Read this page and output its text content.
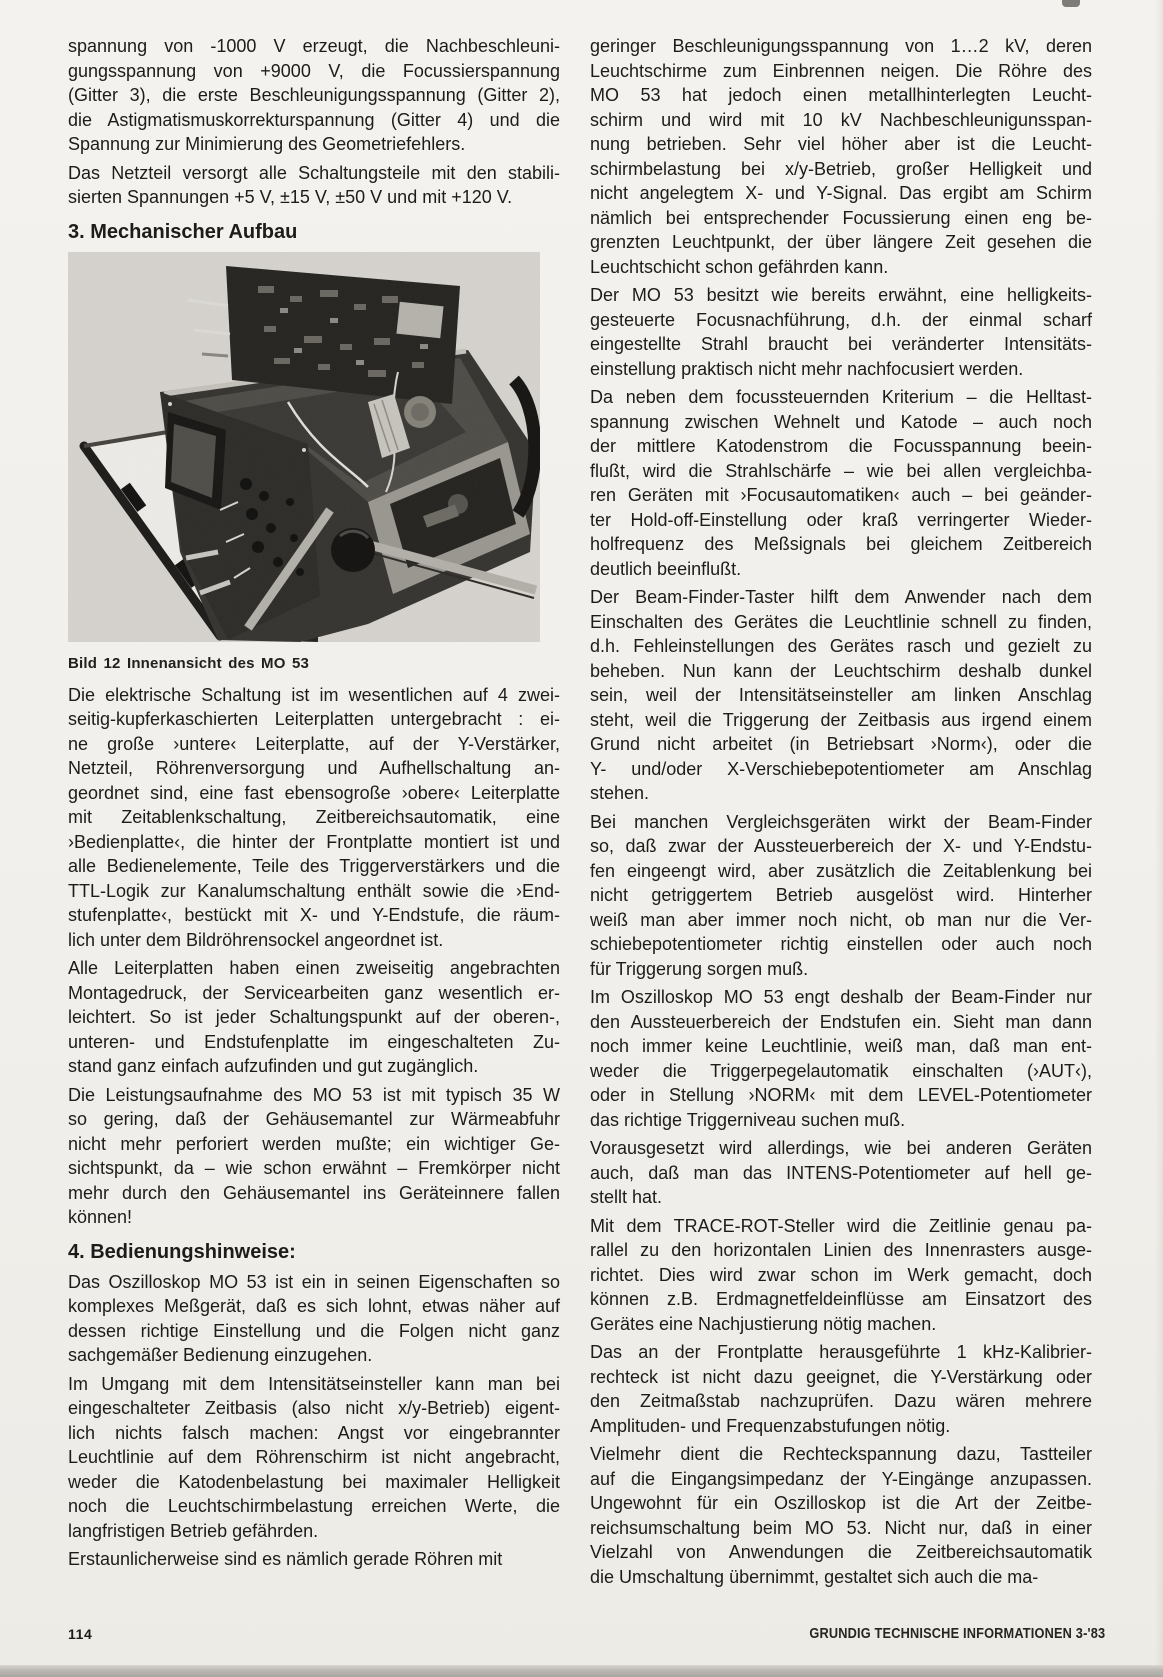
spannung von -1000 V erzeugt, die Nachbeschleuni-
gungsspannung von +9000 V, die Focussierspannung
(Gitter 3), die erste Beschleunigungsspannung (Gitter 2),
die Astigmatismuskorrekturspannung (Gitter 4) und die
Spannung zur Minimierung des Geometriefehlers.
Das Netzteil versorgt alle Schaltungsteile mit den stabili-
sierten Spannungen +5 V, ±15 V, ±50 V und mit +120 V.
3. Mechanischer Aufbau
Bild 12 Innenansicht des MO 53
Die elektrische Schaltung ist im wesentlichen auf 4 zwei-
seitig-kupferkaschierten Leiterplatten untergebracht : ei-
ne große ›untere‹ Leiterplatte, auf der Y-Verstärker,
Netzteil, Röhrenversorgung und Aufhellschaltung an-
geordnet sind, eine fast ebensogroße ›obere‹ Leiterplatte
mit Zeitablenkschaltung, Zeitbereichsautomatik, eine
›Bedienplatte‹, die hinter der Frontplatte montiert ist und
alle Bedienelemente, Teile des Triggerverstärkers und die
TTL-Logik zur Kanalumschaltung enthält sowie die ›End-
stufenplatte‹, bestückt mit X- und Y-Endstufe, die räum-
lich unter dem Bildröhrensockel angeordnet ist.
Alle Leiterplatten haben einen zweiseitig angebrachten
Montagedruck, der Servicearbeiten ganz wesentlich er-
leichtert. So ist jeder Schaltungspunkt auf der oberen-,
unteren- und Endstufenplatte im eingeschalteten Zu-
stand ganz einfach aufzufinden und gut zugänglich.
Die Leistungsaufnahme des MO 53 ist mit typisch 35 W
so gering, daß der Gehäusemantel zur Wärmeabfuhr
nicht mehr perforiert werden mußte; ein wichtiger Ge-
sichtspunkt, da – wie schon erwähnt – Fremkörper nicht
mehr durch den Gehäusemantel ins Geräteinnere fallen
können!
4. Bedienungshinweise:
Das Oszilloskop MO 53 ist ein in seinen Eigenschaften so
komplexes Meßgerät, daß es sich lohnt, etwas näher auf
dessen richtige Einstellung und die Folgen nicht ganz
sachgemäßer Bedienung einzugehen.
Im Umgang mit dem Intensitätseinsteller kann man bei
eingeschalteter Zeitbasis (also nicht x/y-Betrieb) eigent-
lich nichts falsch machen: Angst vor eingebrannter
Leuchtlinie auf dem Röhrenschirm ist nicht angebracht,
weder die Katodenbelastung bei maximaler Helligkeit
noch die Leuchtschirmbelastung erreichen Werte, die
langfristigen Betrieb gefährden.
Erstaunlicherweise sind es nämlich gerade Röhren mit
geringer Beschleunigungsspannung von 1…2 kV, deren
Leuchtschirme zum Einbrennen neigen. Die Röhre des
MO 53 hat jedoch einen metallhinterlegten Leucht-
schirm und wird mit 10 kV Nachbeschleunigunsspan-
nung betrieben. Sehr viel höher aber ist die Leucht-
schirmbelastung bei x/y-Betrieb, großer Helligkeit und
nicht angelegtem X- und Y-Signal. Das ergibt am Schirm
nämlich bei entsprechender Focussierung einen eng be-
grenzten Leuchtpunkt, der über längere Zeit gesehen die
Leuchtschicht schon gefährden kann.
Der MO 53 besitzt wie bereits erwähnt, eine helligkeits-
gesteuerte Focusnachführung, d.h. der einmal scharf
eingestellte Strahl braucht bei veränderter Intensitäts-
einstellung praktisch nicht mehr nachfocusiert werden.
Da neben dem focussteuernden Kriterium – die Helltast-
spannung zwischen Wehnelt und Katode – auch noch
der mittlere Katodenstrom die Focusspannung beein-
flußt, wird die Strahlschärfe – wie bei allen vergleichba-
ren Geräten mit ›Focusautomatiken‹ auch – bei geänder-
ter Hold-off-Einstellung oder kraß verringerter Wieder-
holfrequenz des Meßsignals bei gleichem Zeitbereich
deutlich beeinflußt.
Der Beam-Finder-Taster hilft dem Anwender nach dem
Einschalten des Gerätes die Leuchtlinie schnell zu finden,
d.h. Fehleinstellungen des Gerätes rasch und gezielt zu
beheben. Nun kann der Leuchtschirm deshalb dunkel
sein, weil der Intensitätseinsteller am linken Anschlag
steht, weil die Triggerung der Zeitbasis aus irgend einem
Grund nicht arbeitet (in Betriebsart ›Norm‹), oder die
Y- und/oder X-Verschiebepotentiometer am Anschlag
stehen.
Bei manchen Vergleichsgeräten wirkt der Beam-Finder
so, daß zwar der Aussteuerbereich der X- und Y-Endstu-
fen eingeengt wird, aber zusätzlich die Zeitablenkung bei
nicht getriggertem Betrieb ausgelöst wird. Hinterher
weiß man aber immer noch nicht, ob man nur die Ver-
schiebepotentiometer richtig einstellen oder auch noch
für Triggerung sorgen muß.
Im Oszilloskop MO 53 engt deshalb der Beam-Finder nur
den Aussteuerbereich der Endstufen ein. Sieht man dann
noch immer keine Leuchtlinie, weiß man, daß man ent-
weder die Triggerpegelautomatik einschalten (›AUT‹),
oder in Stellung ›NORM‹ mit dem LEVEL-Potentiometer
das richtige Triggerniveau suchen muß.
Vorausgesetzt wird allerdings, wie bei anderen Geräten
auch, daß man das INTENS-Potentiometer auf hell ge-
stellt hat.
Mit dem TRACE-ROT-Steller wird die Zeitlinie genau pa-
rallel zu den horizontalen Linien des Innenrasters ausge-
richtet. Dies wird zwar schon im Werk gemacht, doch
können z.B. Erdmagnetfeldeinflüsse am Einsatzort des
Gerätes eine Nachjustierung nötig machen.
Das an der Frontplatte herausgeführte 1 kHz-Kalibrier-
rechteck ist nicht dazu geeignet, die Y-Verstärkung oder
den Zeitmaßstab nachzuprüfen. Dazu wären mehrere
Amplituden- und Frequenzabstufungen nötig.
Vielmehr dient die Rechteckspannung dazu, Tastteiler
auf die Eingangsimpedanz der Y-Eingänge anzupassen.
Ungewohnt für ein Oszilloskop ist die Art der Zeitbe-
reichsumschaltung beim MO 53. Nicht nur, daß in einer
Vielzahl von Anwendungen die Zeitbereichsautomatik
die Umschaltung übernimmt, gestaltet sich auch die ma-
114	GRUNDIG TECHNISCHE INFORMATIONEN 3-'83
